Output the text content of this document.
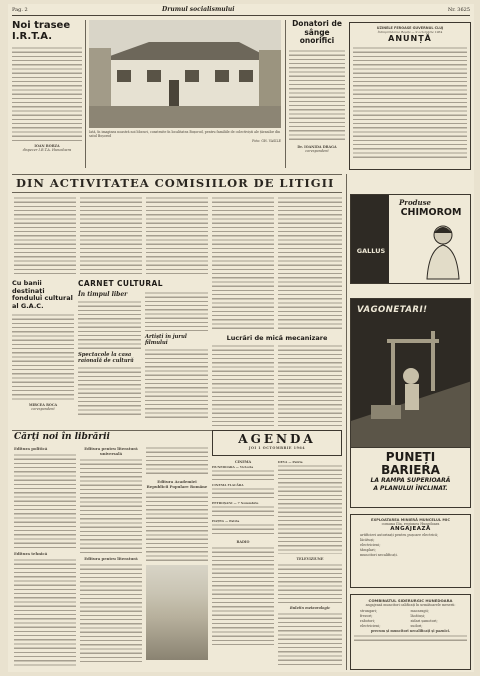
Pag. 2	Drumul socialismului	Nr. 3625
Noi trasee
I.R.T.A.
IOAN BORZA
dispecer I.R.T.A. Hunedoara
Iată, în imaginea noastră noi blocuri, construite în localitatea Boșorod, pentru familiile de colectiviști ale țăranilor din satul Boșorod
Foto: GH. VASILE
Donatori de sânge onorifici
Dr. IOANIDA DRAGA
corespondent
UZINELE FEROASE GUVERNUL CLUJ
Întreprinderea Reșița — 9 octombrie 1964
ANUNȚĂ
DIN ACTIVITATEA COMISIILOR DE LITIGII
Cu banii destinați fondului cultural al G.A.C.
MIRCEA ROCA
corespondent
CARNET CULTURAL
În timpul liber
Spectacole la casa raională de cultură
Artiști în jurul filmului
Lucrări de mică mecanizare
Cărți noi în librării
Editura politică
Editura tehnică
Editura pentru literatură universală
Editura pentru literatură
Editura Academiei Republicii Populare Române
AGENDA
JOI 1 OCTOMBRIE 1964
CINEMA
HUNEDOARA — Victoria
CINEMA FLACĂRA
PETROȘANI — 7 Noiembrie
HAȚEG — Patria
RADIO
DEVA — Patria
TELEVIZIUNE
Buletin meteorologic
Produse
CHIMOROM
GALLUS
VAGONETARI!
PUNEȚI
BARIERA
LA RAMPA SUPERIOARĂ
A PLANULUI ÎNCLINAT.
EXPLOATAREA MINIERĂ MUNCELUL MIC
comuna Ilia, regiunea Hunedoara
ANGAJEAZĂ
artificieri autorizați pentru pușcare electrică;
lăcătuși;
electricieni;
tâmplari;
muncitori necalificați.
COMBINATUL SIDERURGIC HUNEDOARA
angajează muncitori calificați în următoarele meserii:
strungari;
frezori;
rabotori;
electricieni;
macaragii;
lăcătuși;
zidari șamotori;
sudori;
precum și muncitori necalificați și paznici.
